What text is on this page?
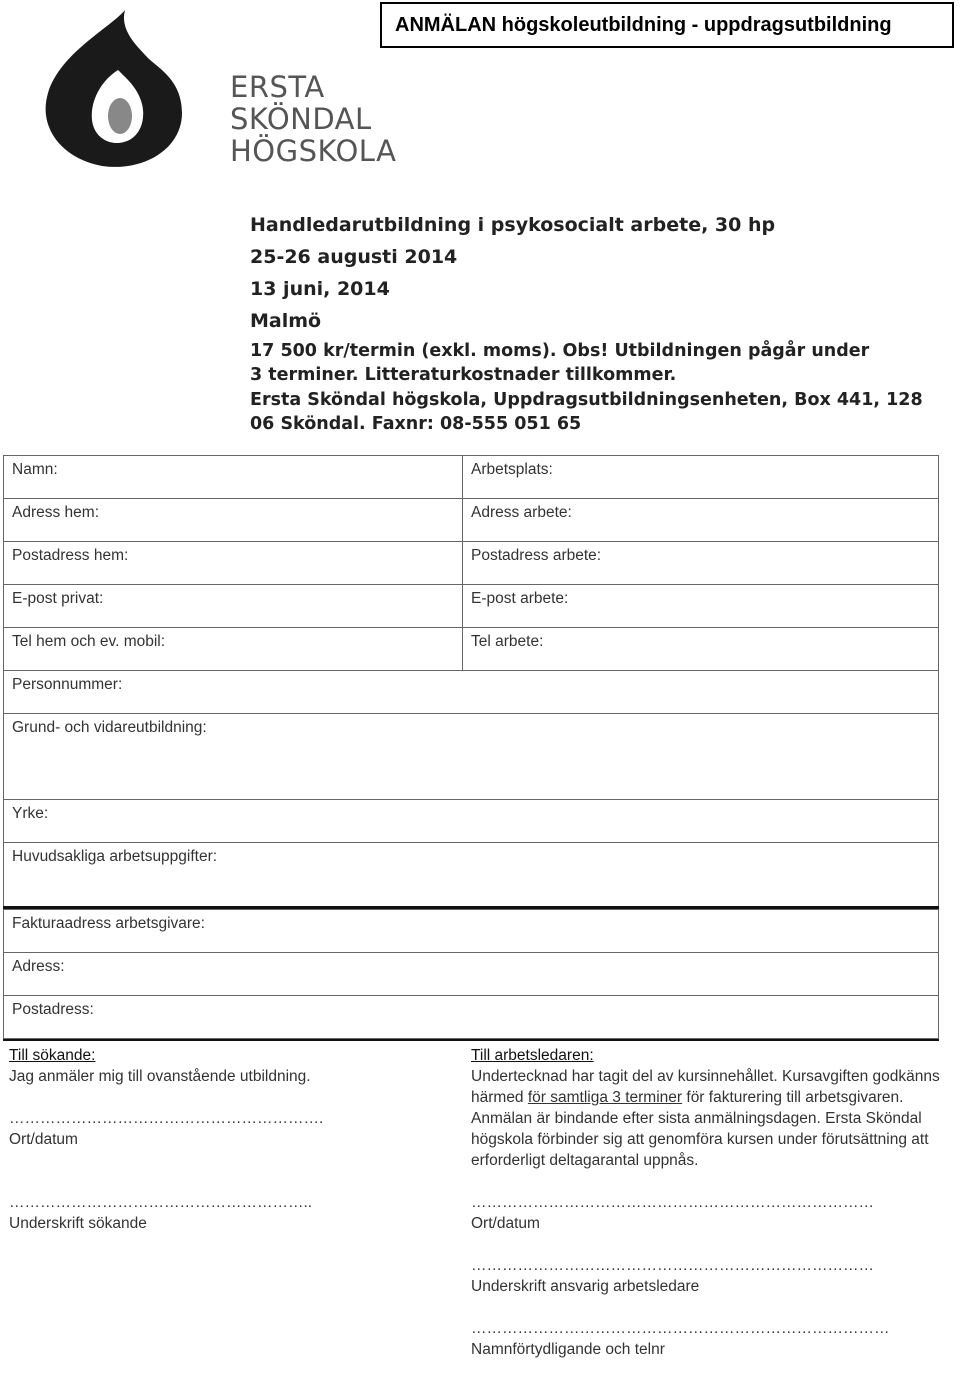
ANMÄLAN högskoleutbildning - uppdragsutbildning
ERSTA
SKÖNDAL
HÖGSKOLA
Handledarutbildning i psykosocialt arbete, 30 hp
25-26 augusti 2014
13 juni, 2014
Malmö
17 500 kr/termin (exkl. moms). Obs! Utbildningen pågår under 3 terminer. Litteraturkostnader tillkommer.
Ersta Sköndal högskola, Uppdragsutbildningsenheten, Box 441, 128 06 Sköndal. Faxnr: 08-555 051 65
Namn:
Adress hem:
Postadress hem:
E-post privat:
Tel hem och ev. mobil:
Arbetsplats:
Adress arbete:
Postadress arbete:
E-post arbete:
Tel arbete:
Personnummer:
Grund- och vidareutbildning:
Yrke:
Huvudsakliga arbetsuppgifter:
Fakturaadress arbetsgivare:
Adress:
Postadress:
Till sökande:
Jag anmäler mig till ovanstående utbildning.
…………………………………………………….
Ort/datum
…………………………………………………..
Underskrift sökande
Till arbetsledaren:
Undertecknad har tagit del av kursinnehållet. Kursavgiften godkänns härmed för samtliga 3 terminer för fakturering till arbetsgivaren. Anmälan är bindande efter sista anmälningsdagen. Ersta Sköndal högskola förbinder sig att genomföra kursen under förutsättning att erforderligt deltagarantal uppnås.
……………………………………………………………………
Ort/datum
……………………………………………………………………
Underskrift ansvarig arbetsledare
………………………………………………………………………
Namnförtydligande och telnr
